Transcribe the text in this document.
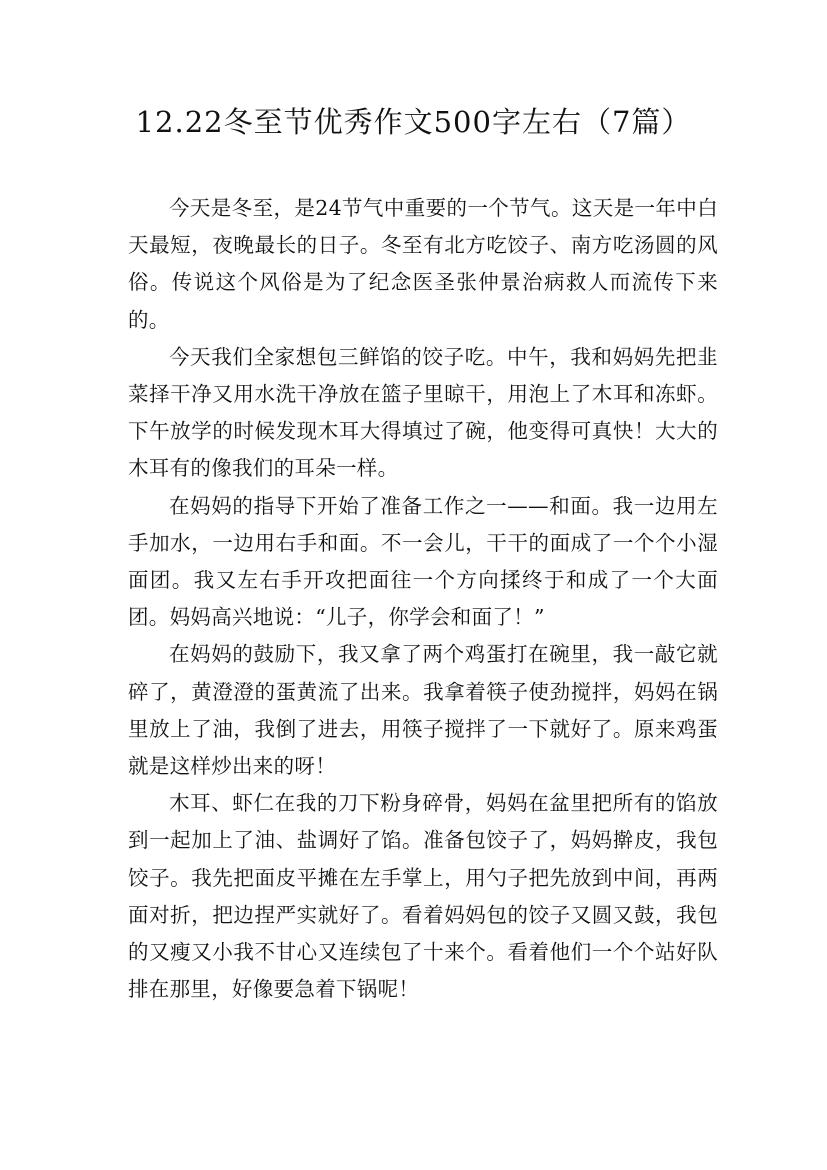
12.22冬至节优秀作文500字左右（7篇）

今天是冬至，是24节气中重要的一个节气。这天是一年中白天最短，夜晚最长的日子。冬至有北方吃饺子、南方吃汤圆的风俗。传说这个风俗是为了纪念医圣张仲景治病救人而流传下来的。

今天我们全家想包三鲜馅的饺子吃。中午，我和妈妈先把韭菜择干净又用水洗干净放在篮子里晾干，用泡上了木耳和冻虾。下午放学的时候发现木耳大得填过了碗，他变得可真快！大大的木耳有的像我们的耳朵一样。

在妈妈的指导下开始了准备工作之一——和面。我一边用左手加水，一边用右手和面。不一会儿，干干的面成了一个个小湿面团。我又左右手开攻把面往一个方向揉终于和成了一个大面团。妈妈高兴地说：“儿子，你学会和面了！”

在妈妈的鼓励下，我又拿了两个鸡蛋打在碗里，我一敲它就碎了，黄澄澄的蛋黄流了出来。我拿着筷子使劲搅拌，妈妈在锅里放上了油，我倒了进去，用筷子搅拌了一下就好了。原来鸡蛋就是这样炒出来的呀！

木耳、虾仁在我的刀下粉身碎骨，妈妈在盆里把所有的馅放到一起加上了油、盐调好了馅。准备包饺子了，妈妈擀皮，我包饺子。我先把面皮平摊在左手掌上，用勺子把先放到中间，再两面对折，把边捏严实就好了。看着妈妈包的饺子又圆又鼓，我包的又瘦又小我不甘心又连续包了十来个。看着他们一个个站好队排在那里，好像要急着下锅呢！
